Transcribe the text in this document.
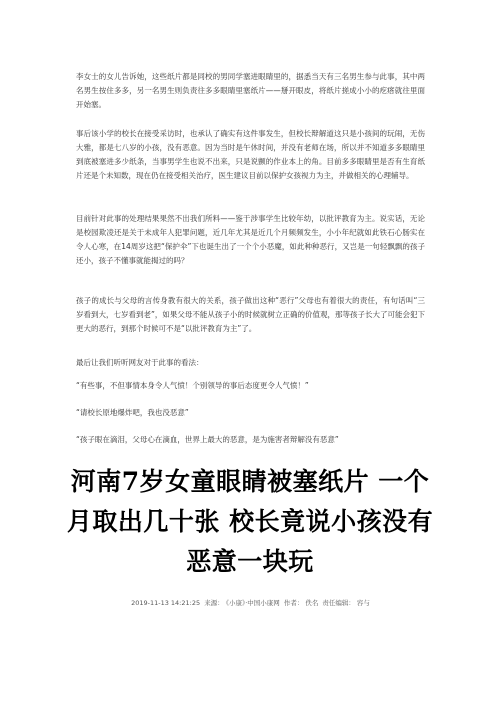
李女士的女儿告诉她，这些纸片都是同校的男同学塞进眼睛里的，据悉当天有三名男生参与此事，其中两名男生按住多多，另一名男生则负责往多多眼睛里塞纸片——掰开眼皮，将纸片搓成小小的疙瘩就往里面开始塞。

事后该小学的校长在接受采访时，也承认了确实有这件事发生，但校长辩解道这只是小孩间的玩闹，无伤大雅，都是七八岁的小孩，没有恶意。因为当时是午休时间，并没有老师在场，所以并不知道多多眼睛里到底被塞进多少纸条，当事男学生也说不出来，只是说颤的作业本上的角。目前多多眼睛里是否有生育纸片还是个未知数，现在仍在接受相关治疗，医生建议目前以保护女孩视力为主，并做相关的心理辅导。

目前针对此事的处理结果果然不出我们所料——鉴于涉事学生比较年幼，以批评教育为主。说实话，无论是校园欺凌还是关于未成年人犯罪问题，近几年尤其是近几个月频频发生，小小年纪就如此铁石心肠实在令人心寒，在14周岁这把“保护伞”下也诞生出了一个个小恶魔，如此种种恶行，又岂是一句轻飘飘的孩子还小，孩子不懂事就能揭过的吗？

孩子的成长与父母的言传身教有很大的关系，孩子做出这种“恶行”父母也有着很大的责任，有句话叫“三岁看到大，七岁看到老”，如果父母不能从孩子小的时候就树立正确的价值观，那等孩子长大了可能会犯下更大的恶行，到那个时候可不是“以批评教育为主”了。

最后让我们听听网友对于此事的看法：

“有些事，不但事情本身令人气愤！个别领导的事后态度更令人气愤！”

“请校长原地爆炸吧，我也没恶意”

“孩子眼在滴泪，父母心在滴血，世界上最大的恶意，是为施害者辩解没有恶意”

河南7岁女童眼睛被塞纸片 一个月取出几十张 校长竟说小孩没有恶意一块玩
2019-11-13 14:21:25 来源： 《小康》·中国小康网 作者： 佚名 责任编辑： 容与
